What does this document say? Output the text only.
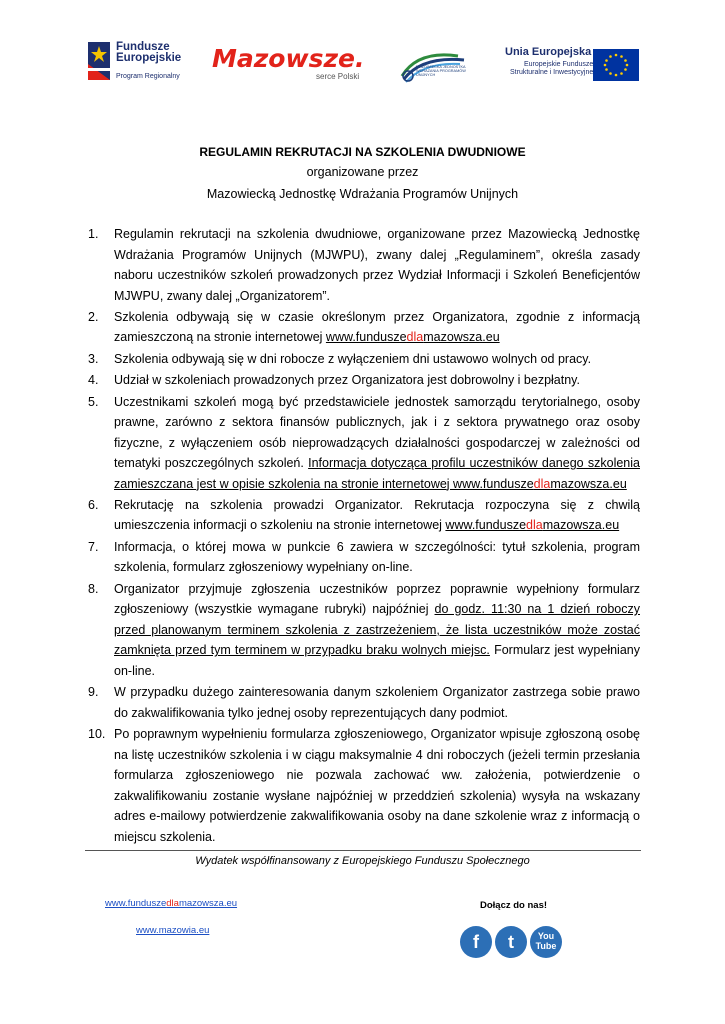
Fundusze
Europejskie
Program Regionalny
Mazowsze.
serce Polski
MAZOWIECKA JEDNOSTKA WDRAŻANIA PROGRAMÓW UNIJNYCH
Unia Europejska
Europejskie Fundusze
Strukturalne i Inwestycyjne
REGULAMIN REKRUTACJI NA SZKOLENIA DWUDNIOWE
organizowane przez
Mazowiecką Jednostkę Wdrażania Programów Unijnych
1. Regulamin rekrutacji na szkolenia dwudniowe, organizowane przez Mazowiecką Jednostkę Wdrażania Programów Unijnych (MJWPU), zwany dalej „Regulaminem”, określa zasady naboru uczestników szkoleń prowadzonych przez Wydział Informacji i Szkoleń Beneficjentów MJWPU, zwany dalej „Organizatorem”.
2. Szkolenia odbywają się w czasie określonym przez Organizatora, zgodnie z informacją zamieszczoną na stronie internetowej www.funduszedlamazowsza.eu
3. Szkolenia odbywają się w dni robocze z wyłączeniem dni ustawowo wolnych od pracy.
4. Udział w szkoleniach prowadzonych przez Organizatora jest dobrowolny i bezpłatny.
5. Uczestnikami szkoleń mogą być przedstawiciele jednostek samorządu terytorialnego, osoby prawne, zarówno z sektora finansów publicznych, jak i z sektora prywatnego oraz osoby fizyczne, z wyłączeniem osób nieprowadzących działalności gospodarczej w zależności od tematyki poszczególnych szkoleń. Informacja dotycząca profilu uczestników danego szkolenia zamieszczana jest w opisie szkolenia na stronie internetowej www.funduszedlamazowsza.eu
6. Rekrutację na szkolenia prowadzi Organizator. Rekrutacja rozpoczyna się z chwilą umieszczenia informacji o szkoleniu na stronie internetowej www.funduszedlamazowsza.eu
7. Informacja, o której mowa w punkcie 6 zawiera w szczególności: tytuł szkolenia, program szkolenia, formularz zgłoszeniowy wypełniany on-line.
8. Organizator przyjmuje zgłoszenia uczestników poprzez poprawnie wypełniony formularz zgłoszeniowy (wszystkie wymagane rubryki) najpóźniej do godz. 11:30 na 1 dzień roboczy przed planowanym terminem szkolenia z zastrzeżeniem, że lista uczestników może zostać zamknięta przed tym terminem w przypadku braku wolnych miejsc. Formularz jest wypełniany on-line.
9. W przypadku dużego zainteresowania danym szkoleniem Organizator zastrzega sobie prawo do zakwalifikowania tylko jednej osoby reprezentujących dany podmiot.
10. Po poprawnym wypełnieniu formularza zgłoszeniowego, Organizator wpisuje zgłoszoną osobę na listę uczestników szkolenia i w ciągu maksymalnie 4 dni roboczych (jeżeli termin przesłania formularza zgłoszeniowego nie pozwala zachować ww. założenia, potwierdzenie o zakwalifikowaniu zostanie wysłane najpóźniej w przeddzień szkolenia) wysyła na wskazany adres e-mailowy potwierdzenie zakwalifikowania osoby na dane szkolenie wraz z informacją o miejscu szkolenia.
Wydatek współfinansowany z Europejskiego Funduszu Społecznego
www.funduszedlamazowsza.eu
www.mazowia.eu
Dołącz do nas!
f	t	You
Tube
